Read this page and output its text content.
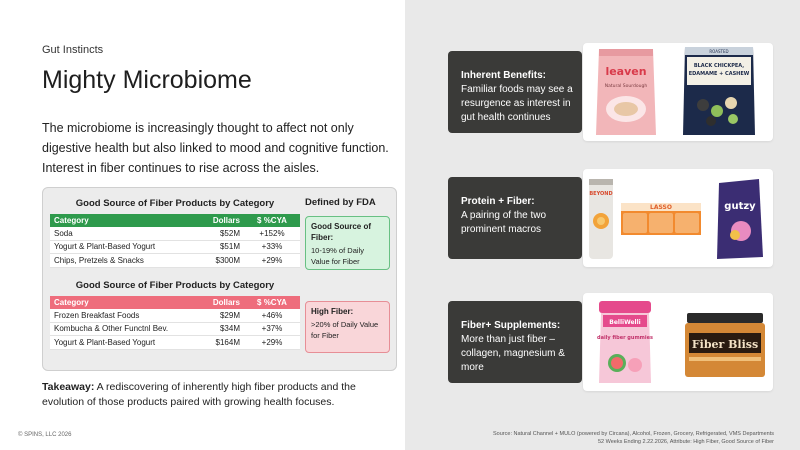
Gut Instincts
Mighty Microbiome
The microbiome is increasingly thought to affect not only digestive health but also linked to mood and cognitive function. Interest in fiber continues to rise across the aisles.
Defined by FDA
Good Source of Fiber Products by Category
Category	Dollars	$ %CYA
Soda	$52M	+152%
Yogurt & Plant-Based Yogurt	$51M	+33%
Chips, Pretzels & Snacks	$300M	+29%
Good Source of Fiber:
10-19% of Daily Value for Fiber
Good Source of Fiber Products by Category
Category	Dollars	$ %CYA
Frozen Breakfast Foods	$29M	+46%
Kombucha & Other Functnl Bev.	$34M	+37%
Yogurt & Plant-Based Yogurt	$164M	+29%
High Fiber:
>20% of Daily Value for Fiber
Takeaway: A rediscovering of inherently high fiber products and the evolution of those products paired with growing health focuses.
© SPINS, LLC 2026
Inherent Benefits:
Familiar foods may see a resurgence as interest in gut health continues
leaven
Natural Sourdough
ROASTED
BLACK CHICKPEA,
EDAMAME + CASHEW
Protein + Fiber:
A pairing of the two prominent macros
BEYOND
LASSO	gutzy
Fiber+ Supplements:
More than just fiber – collagen, magnesium & more
BelliWelli
daily fiber gummies	Fiber Bliss
Source: Natural Channel + MULO (powered by Circana), Alcohol, Frozen, Grocery, Refrigerated, VMS Departments
52 Weeks Ending 2.22.2026, Attribute: High Fiber, Good Source of Fiber
